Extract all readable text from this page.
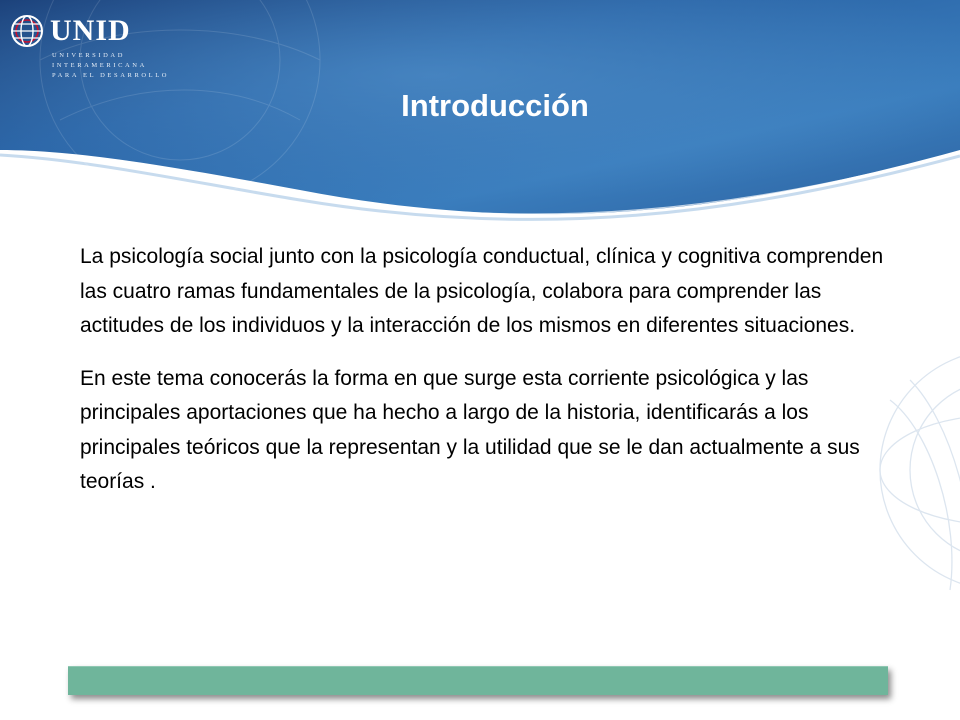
UNID
UNIVERSIDAD
INTERAMERICANA
PARA EL DESARROLLO
Introducción

La psicología social junto con la psicología conductual, clínica y cognitiva comprenden las cuatro ramas fundamentales de la psicología, colabora para comprender las actitudes de los individuos y la interacción de los mismos en diferentes situaciones.

En este tema conocerás la forma en que surge esta corriente psicológica y las principales aportaciones que ha hecho a largo de la historia, identificarás a los principales teóricos que la representan y la utilidad que se le dan actualmente a sus teorías .
